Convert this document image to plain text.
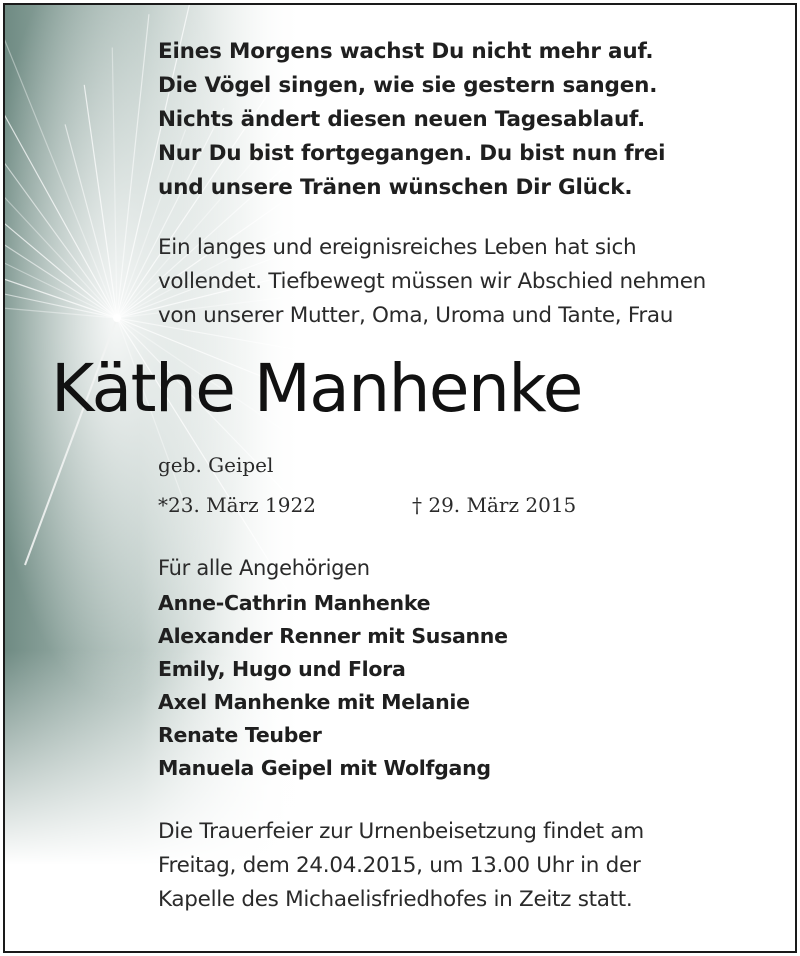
Eines Morgens wachst Du nicht mehr auf.

Die Vögel singen, wie sie gestern sangen.

Nichts ändert diesen neuen Tagesablauf.

Nur Du bist fortgegangen. Du bist nun frei

und unsere Tränen wünschen Dir Glück.

Ein langes und ereignisreiches Leben hat sich

vollendet. Tiefbewegt müssen wir Abschied nehmen

von unserer Mutter, Oma, Uroma und Tante, Frau

Käthe Manhenke

geb. Geipel

*23. März 1922	† 29. März 2015

Für alle Angehörigen

Anne-Cathrin Manhenke

Alexander Renner mit Susanne

Emily, Hugo und Flora

Axel Manhenke mit Melanie

Renate Teuber

Manuela Geipel mit Wolfgang

Die Trauerfeier zur Urnenbeisetzung findet am

Freitag, dem 24.04.2015, um 13.00 Uhr in der

Kapelle des Michaelisfriedhofes in Zeitz statt.
